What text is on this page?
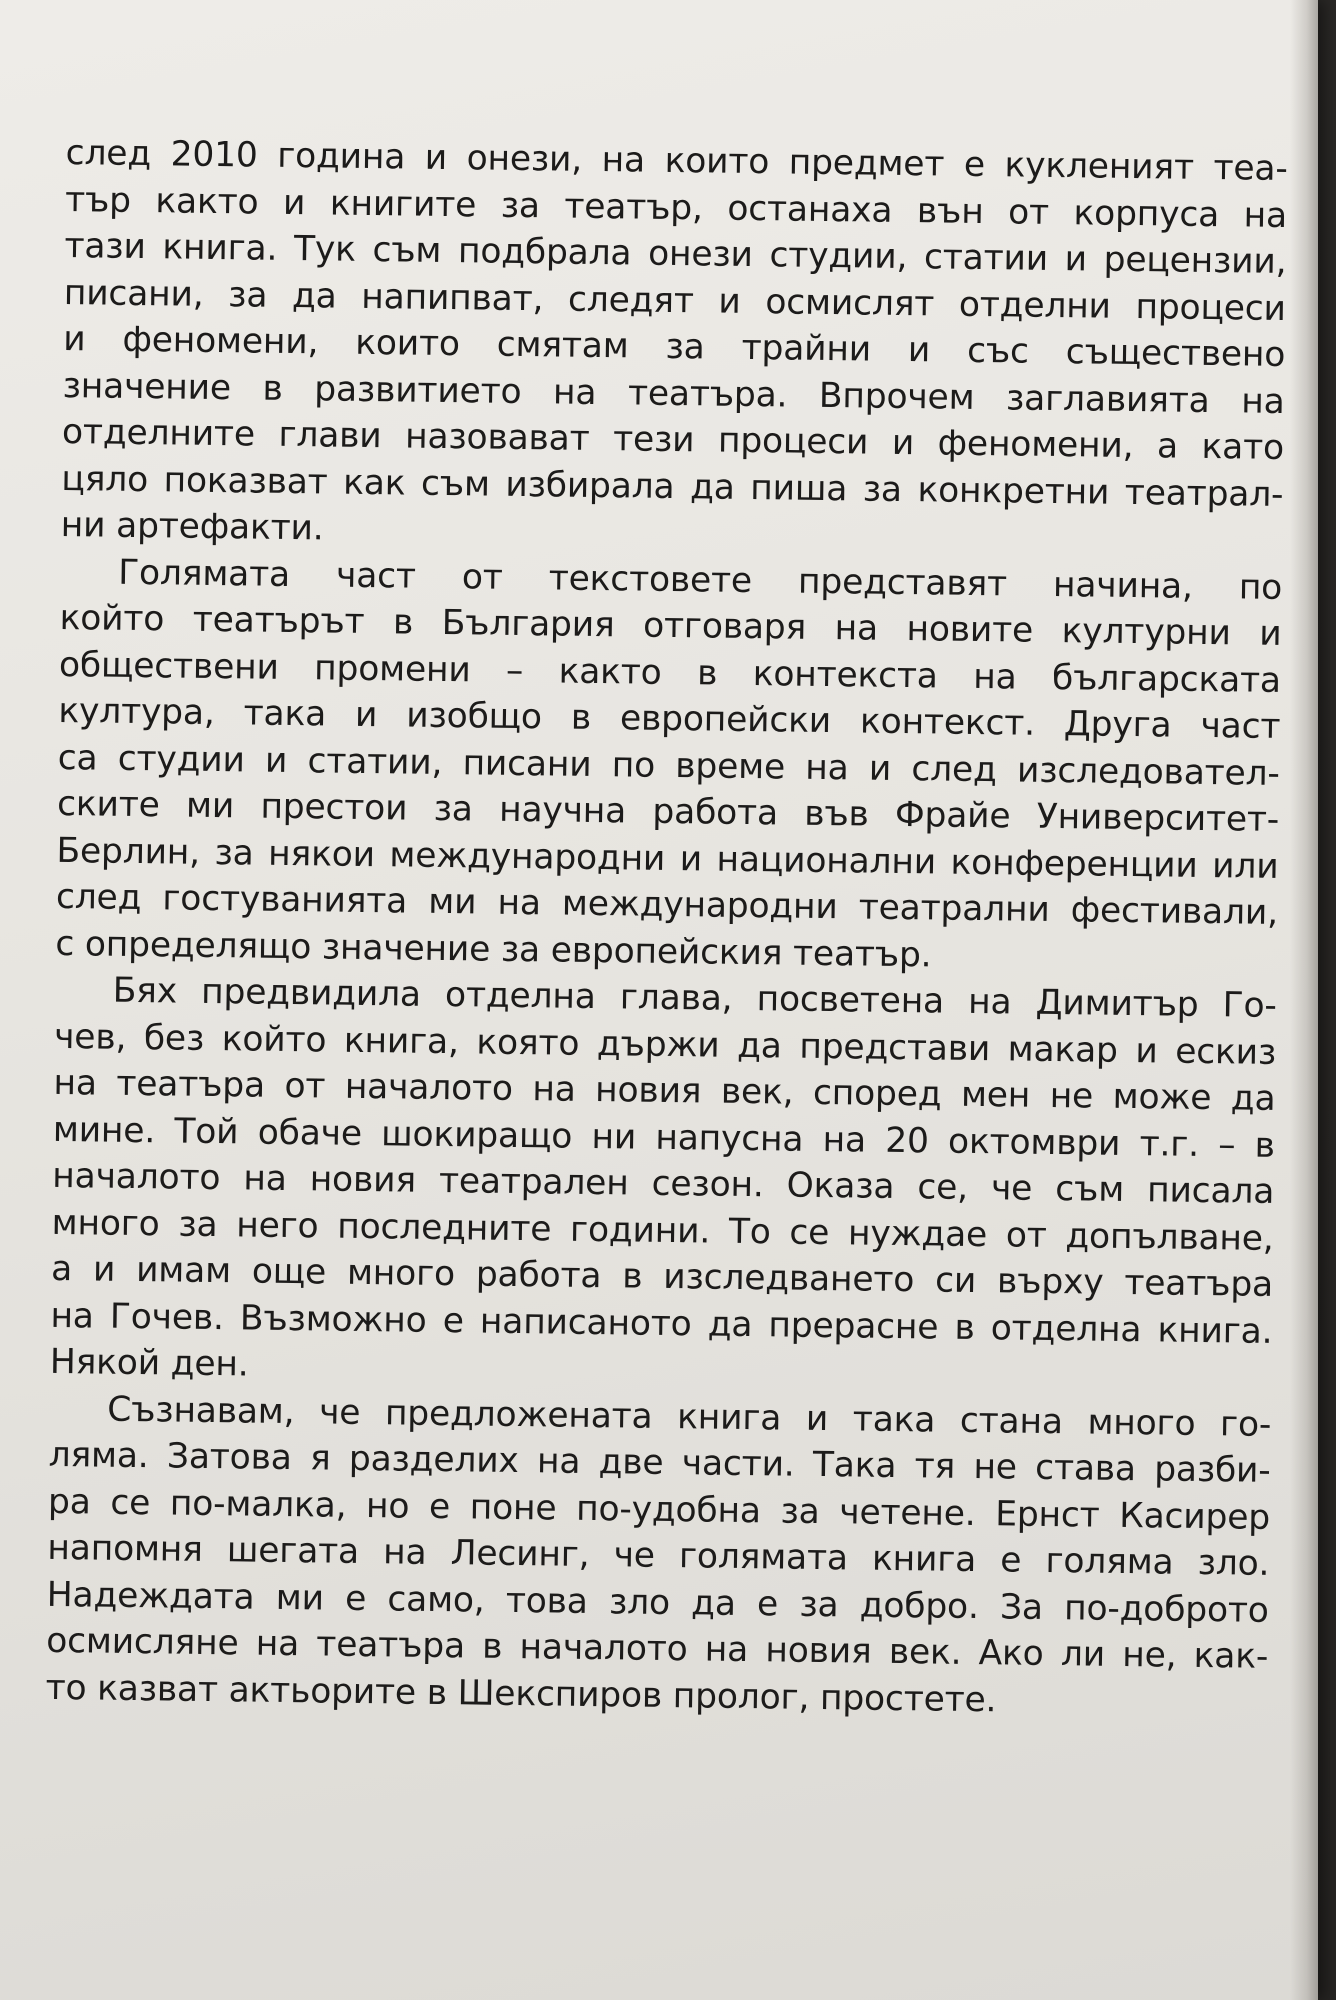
след 2010 година и онези, на които предмет е кукленият теа-
тър както и книгите за театър, останаха вън от корпуса на
тази книга. Тук съм подбрала онези студии, статии и рецензии,
писани, за да напипват, следят и осмислят отделни процеси
и феномени, които смятам за трайни и със съществено
значение в развитието на театъра. Впрочем заглавията на
отделните глави назовават тези процеси и феномени, а като
цяло показват как съм избирала да пиша за конкретни театрал-
ни артефакти.

Голямата част от текстовете представят начина, по
който театърът в България отговаря на новите културни и
обществени промени – както в контекста на българската
култура, така и изобщо в европейски контекст. Друга част
са студии и статии, писани по време на и след изследовател-
ските ми престои за научна работа във Фрайе Университет-
Берлин, за някои международни и национални конференции или
след гостуванията ми на международни театрални фестивали,
с определящо значение за европейския театър.

Бях предвидила отделна глава, посветена на Димитър Го-
чев, без който книга, която държи да представи макар и ескиз
на театъра от началото на новия век, според мен не може да
мине. Той обаче шокиращо ни напусна на 20 октомври т.г. – в
началото на новия театрален сезон. Оказа се, че съм писала
много за него последните години. То се нуждае от допълване,
а и имам още много работа в изследването си върху театъра
на Гочев. Възможно е написаното да прерасне в отделна книга.
Някой ден.

Съзнавам, че предложената книга и така стана много го-
ляма. Затова я разделих на две части. Така тя не става разби-
ра се по-малка, но е поне по-удобна за четене. Ернст Касирер
напомня шегата на Лесинг, че голямата книга е голяма зло.
Надеждата ми е само, това зло да е за добро. За по-доброто
осмисляне на театъра в началото на новия век. Ако ли не, как-
то казват актьорите в Шекспиров пролог, простете.
